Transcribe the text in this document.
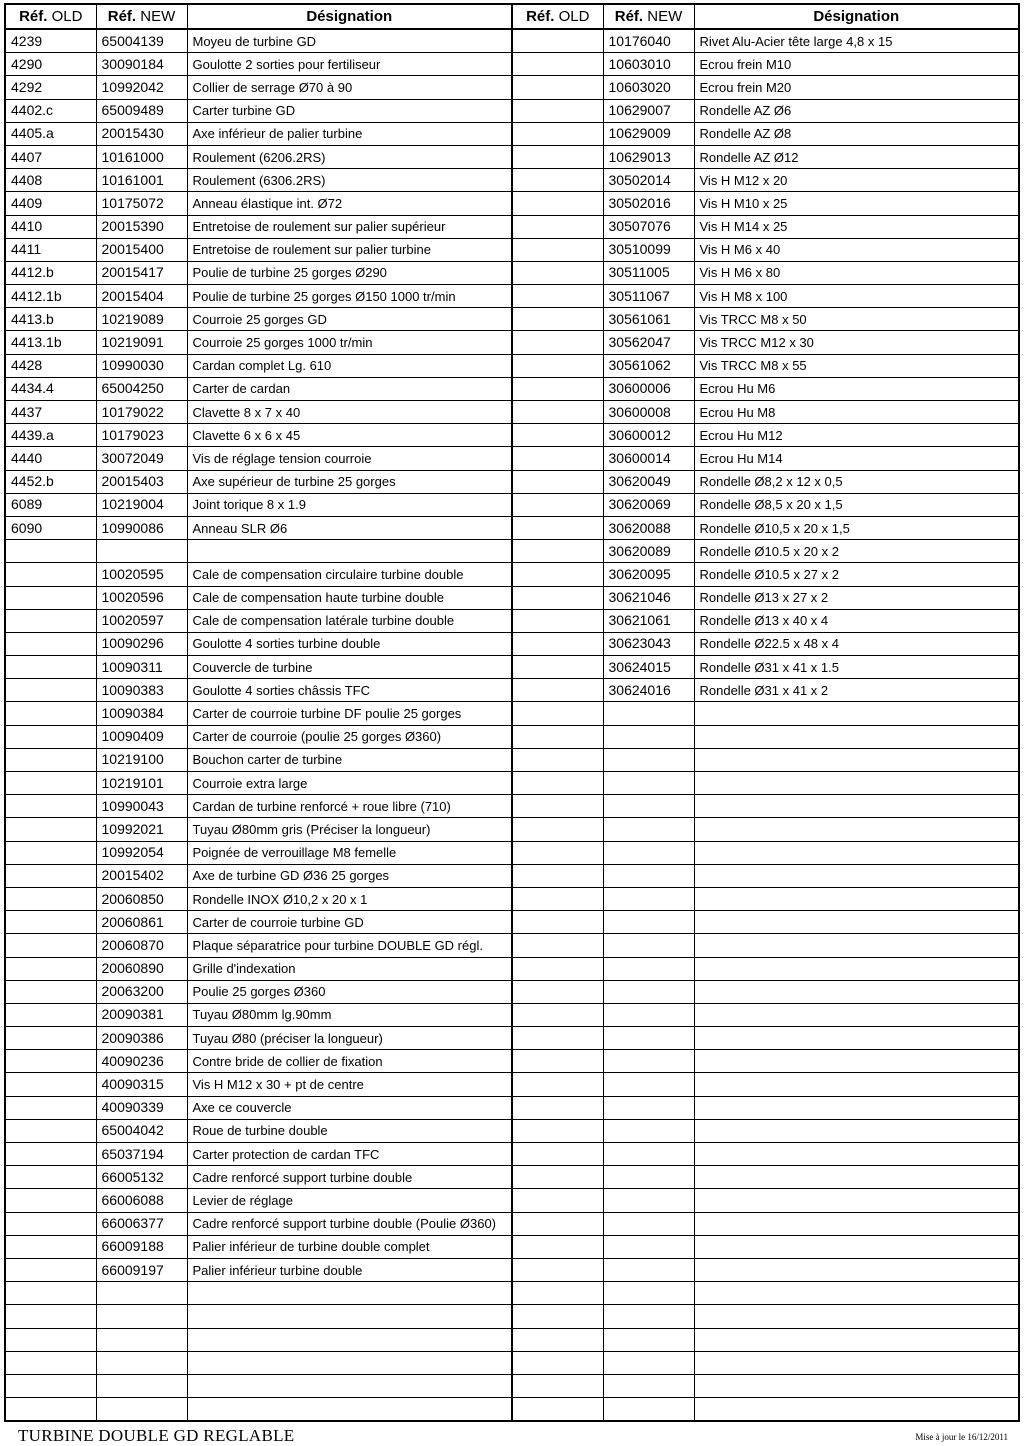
Réf. OLD	Réf. NEW	Désignation	Réf. OLD	Réf. NEW	Désignation
4239	65004139	Moyeu de turbine GD		10176040	Rivet Alu-Acier tête large 4,8 x 15
4290	30090184	Goulotte 2 sorties pour fertiliseur		10603010	Ecrou frein M10
4292	10992042	Collier de serrage Ø70 à 90		10603020	Ecrou frein M20
4402.c	65009489	Carter turbine GD		10629007	Rondelle AZ Ø6
4405.a	20015430	Axe inférieur de palier turbine		10629009	Rondelle AZ Ø8
4407	10161000	Roulement (6206.2RS)		10629013	Rondelle AZ Ø12
4408	10161001	Roulement (6306.2RS)		30502014	Vis H M12 x 20
4409	10175072	Anneau élastique int. Ø72		30502016	Vis H M10 x 25
4410	20015390	Entretoise de roulement sur palier supérieur		30507076	Vis H M14 x 25
4411	20015400	Entretoise de roulement sur palier turbine		30510099	Vis H M6 x 40
4412.b	20015417	Poulie de turbine 25 gorges Ø290		30511005	Vis H M6 x 80
4412.1b	20015404	Poulie de turbine 25 gorges Ø150 1000 tr/min		30511067	Vis H M8 x 100
4413.b	10219089	Courroie 25 gorges GD		30561061	Vis TRCC M8 x 50
4413.1b	10219091	Courroie 25 gorges 1000 tr/min		30562047	Vis TRCC M12 x 30
4428	10990030	Cardan complet Lg. 610		30561062	Vis TRCC M8 x 55
4434.4	65004250	Carter de cardan		30600006	Ecrou Hu M6
4437	10179022	Clavette 8 x 7 x 40		30600008	Ecrou Hu M8
4439.a	10179023	Clavette 6 x 6 x 45		30600012	Ecrou Hu M12
4440	30072049	Vis de réglage tension courroie		30600014	Ecrou Hu M14
4452.b	20015403	Axe supérieur de turbine 25 gorges		30620049	Rondelle Ø8,2 x 12 x 0,5
6089	10219004	Joint torique 8 x 1.9		30620069	Rondelle Ø8,5 x 20 x 1,5
6090	10990086	Anneau SLR Ø6		30620088	Rondelle Ø10,5 x 20 x 1,5
				30620089	Rondelle Ø10.5 x 20 x 2
	10020595	Cale de compensation circulaire turbine double		30620095	Rondelle Ø10.5 x 27 x 2
	10020596	Cale de compensation haute turbine double		30621046	Rondelle Ø13 x 27 x 2
	10020597	Cale de compensation latérale turbine double		30621061	Rondelle Ø13 x 40 x 4
	10090296	Goulotte 4 sorties turbine double		30623043	Rondelle Ø22.5 x 48 x 4
	10090311	Couvercle de turbine		30624015	Rondelle Ø31 x 41 x 1.5
	10090383	Goulotte 4 sorties châssis TFC		30624016	Rondelle Ø31 x 41 x 2
	10090384	Carter de courroie turbine DF poulie 25 gorges			
	10090409	Carter de courroie (poulie 25 gorges Ø360)			
	10219100	Bouchon carter de turbine			
	10219101	Courroie extra large			
	10990043	Cardan de turbine renforcé + roue libre (710)			
	10992021	Tuyau Ø80mm gris (Préciser la longueur)			
	10992054	Poignée de verrouillage M8 femelle			
	20015402	Axe de turbine GD Ø36 25 gorges			
	20060850	Rondelle INOX Ø10,2 x 20 x 1			
	20060861	Carter de courroie turbine GD			
	20060870	Plaque séparatrice pour turbine DOUBLE GD régl.			
	20060890	Grille d'indexation			
	20063200	Poulie 25 gorges Ø360			
	20090381	Tuyau Ø80mm lg.90mm			
	20090386	Tuyau Ø80 (préciser la longueur)			
	40090236	Contre bride de collier de fixation			
	40090315	Vis H M12 x 30 + pt de centre			
	40090339	Axe ce couvercle			
	65004042	Roue de turbine double			
	65037194	Carter protection de cardan TFC			
	66005132	Cadre renforcé support turbine double			
	66006088	Levier de réglage			
	66006377	Cadre renforcé support turbine double (Poulie Ø360)			
	66009188	Palier inférieur de turbine double complet			
	66009197	Palier inférieur turbine double			

TURBINE DOUBLE GD REGLABLE	Mise à jour le 16/12/2011
